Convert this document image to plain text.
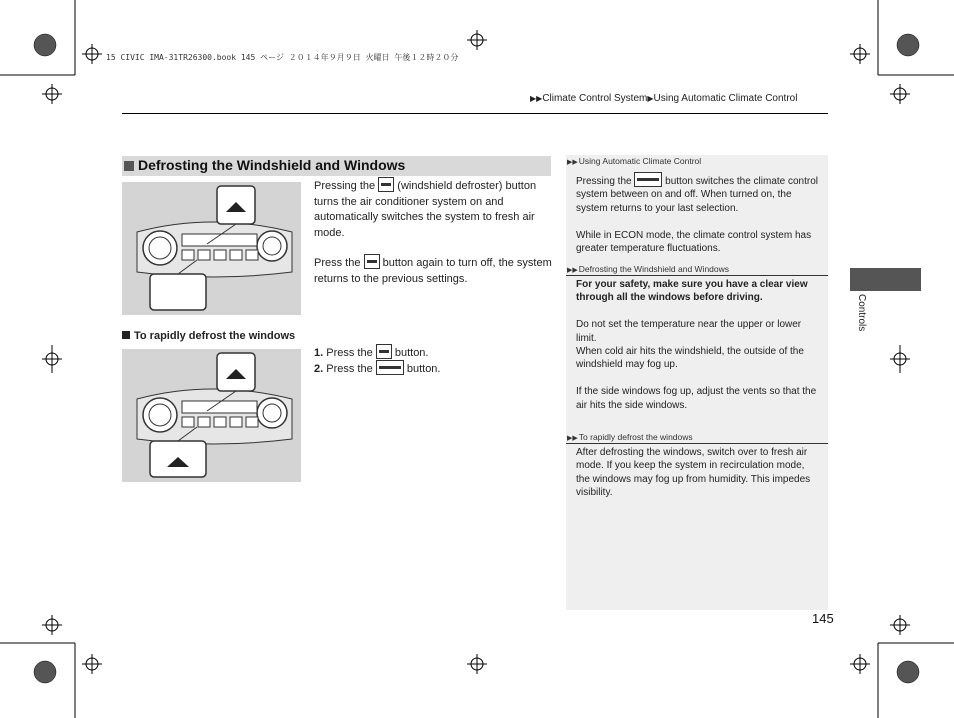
15 CIVIC IMA-31TR26300.book 145 ページ ２０１４年９月９日 火曜日 午後１２時２０分
▶▶Climate Control System▶Using Automatic Climate Control
Defrosting the Windshield and Windows
Pressing the (windshield defroster) button turns the air conditioner system on and automatically switches the system to fresh air mode.
Press the button again to turn off, the system returns to the previous settings.
To rapidly defrost the windows
1. Press the button.
2. Press the	button.
▶▶Using Automatic Climate Control

Pressing the	button switches the climate control system between on and off. When turned on, the system returns to your last selection.

While in ECON mode, the climate control system has greater temperature fluctuations.

▶▶Defrosting the Windshield and Windows

For your safety, make sure you have a clear view through all the windows before driving.

Do not set the temperature near the upper or lower limit.

When cold air hits the windshield, the outside of the windshield may fog up.

If the side windows fog up, adjust the vents so that the air hits the side windows.

▶▶To rapidly defrost the windows

After defrosting the windows, switch over to fresh air mode. If you keep the system in recirculation mode, the windows may fog up from humidity. This impedes visibility.

Controls
145
